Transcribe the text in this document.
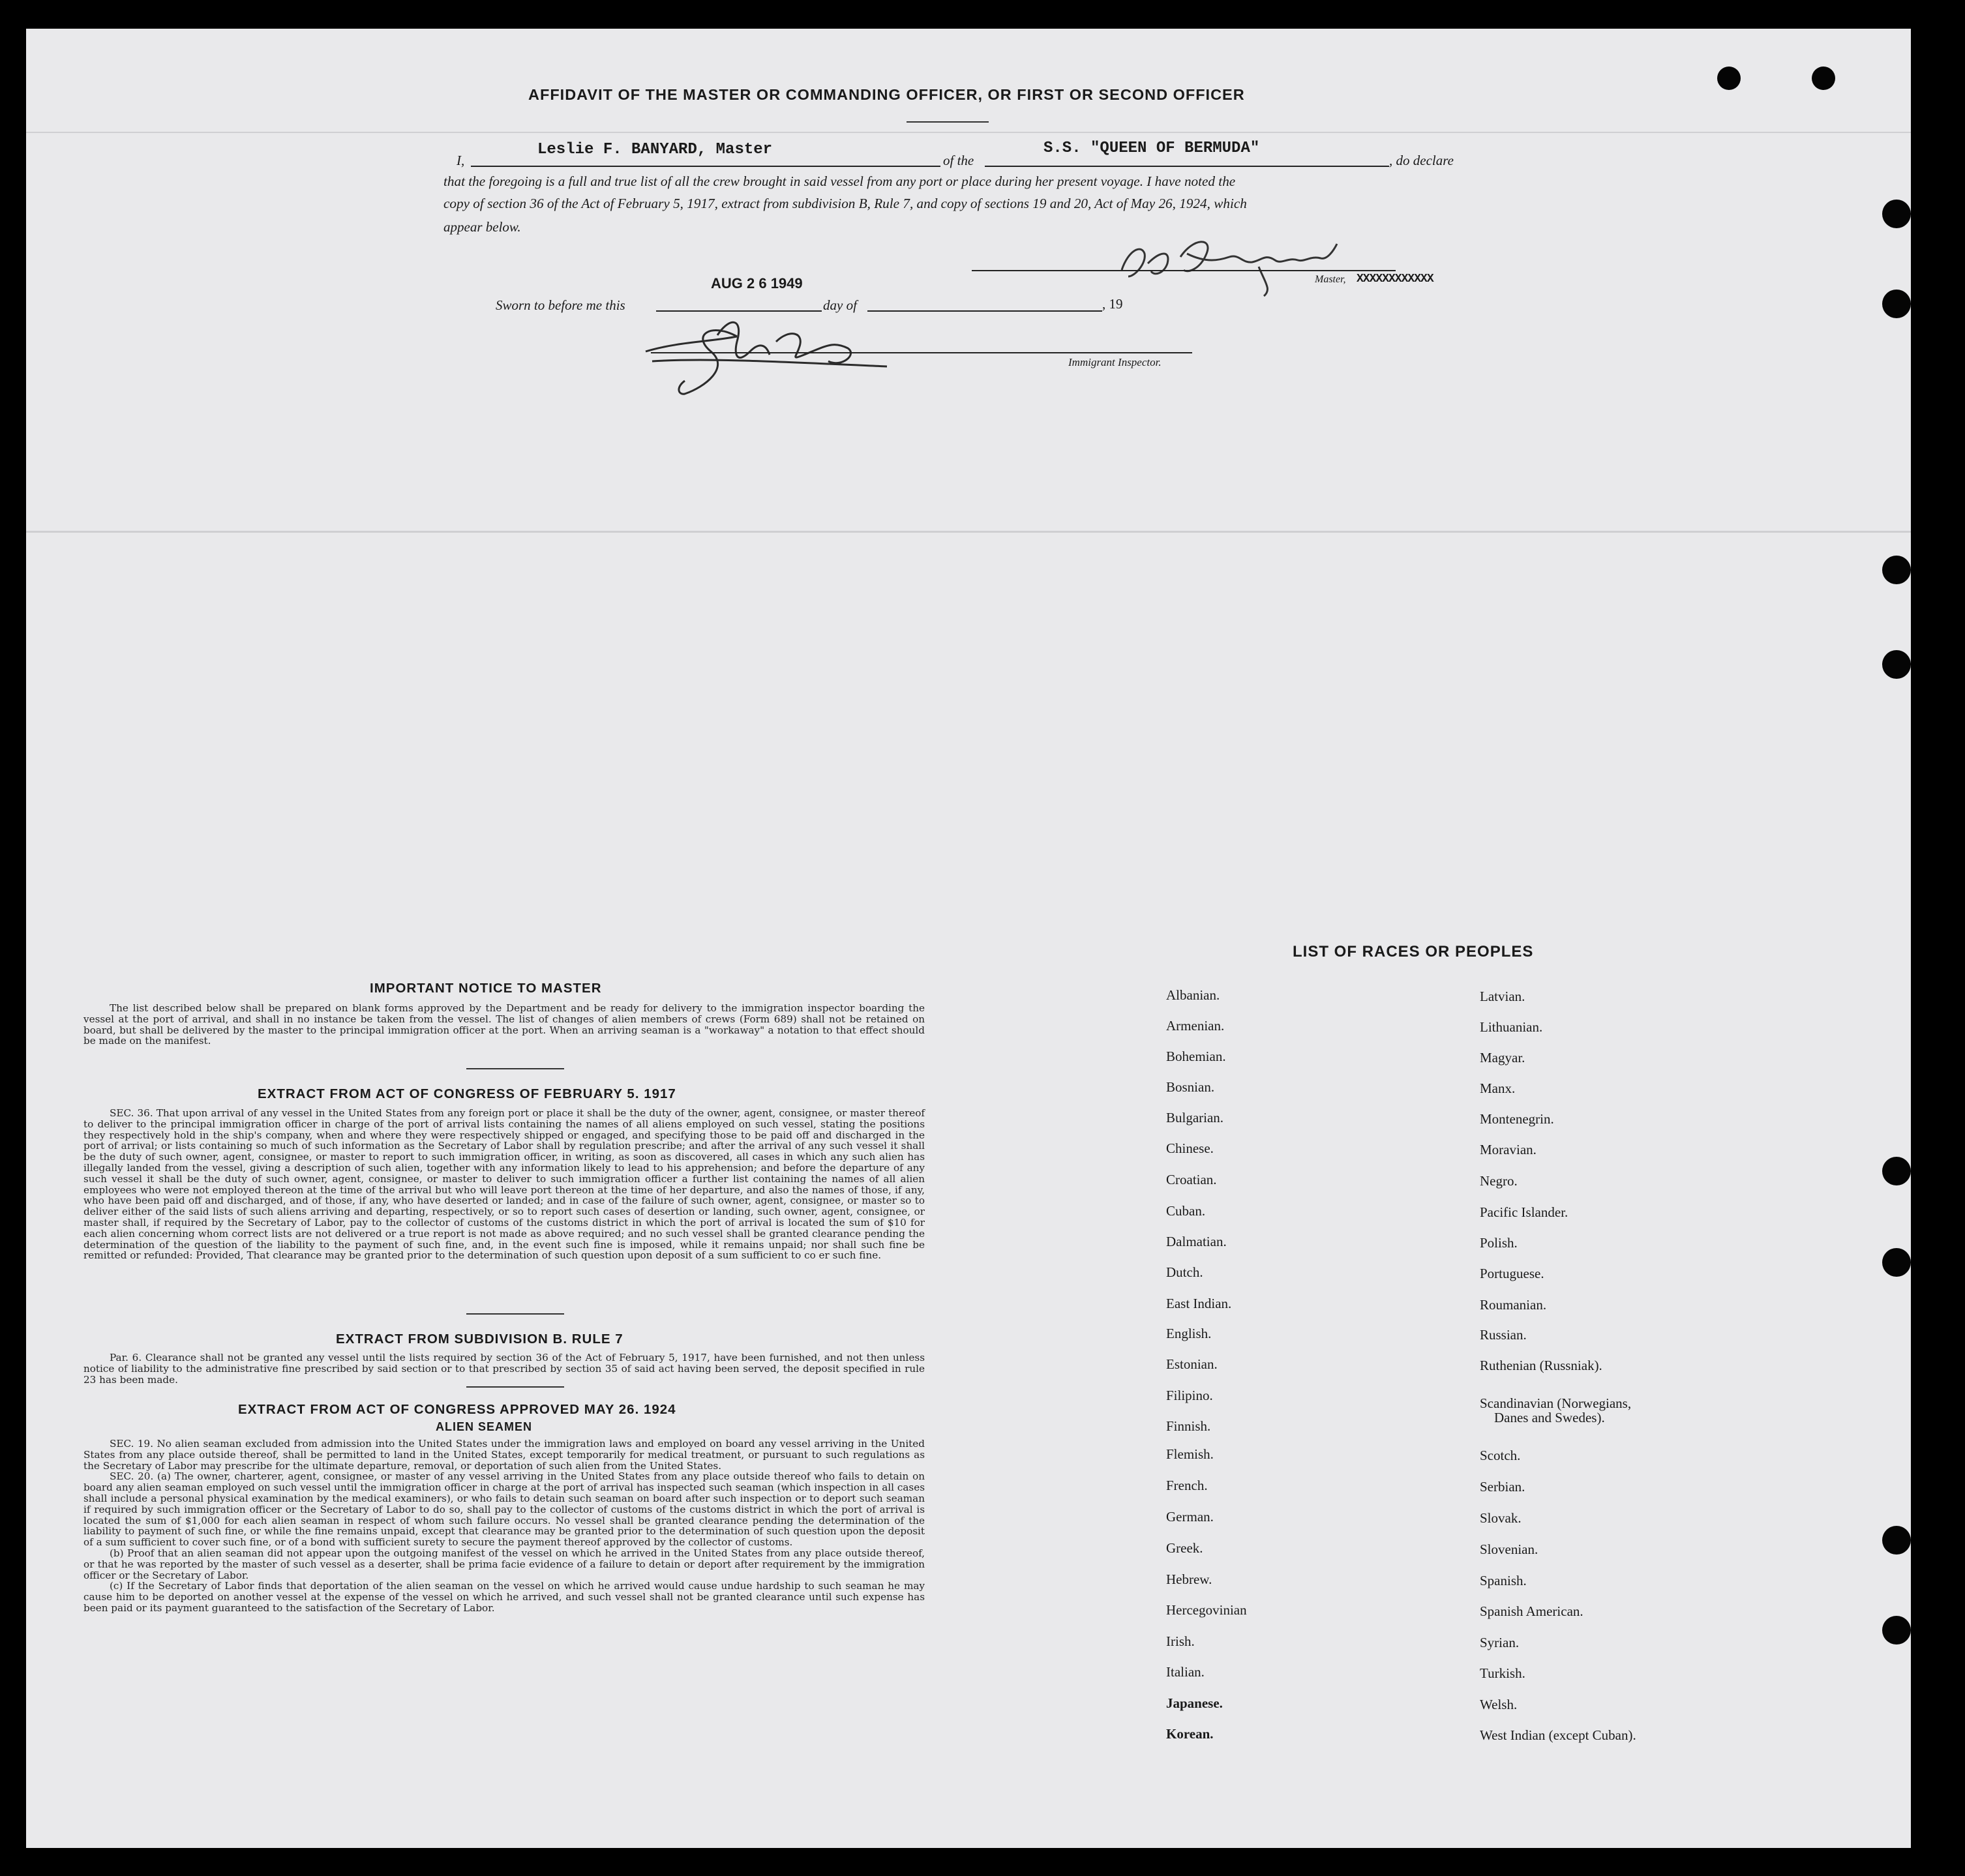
AFFIDAVIT OF THE MASTER OR COMMANDING OFFICER, OR FIRST OR SECOND OFFICER
I,
Leslie F. BANYARD, Master
of the
S.S. "QUEEN OF BERMUDA"
, do declare
that the foregoing is a full and true list of all the crew brought in said vessel from any port or place during her present voyage. I have noted the
copy of section 36 of the Act of February 5, 1917, extract from subdivision B, Rule 7, and copy of sections 19 and 20, Act of May 26, 1924, which
appear below.
Master, XXXXXXXXXXXX
AUG 2 6 1949
Sworn to before me this	day of	, 19
Immigrant Inspector.
IMPORTANT NOTICE TO MASTER

The list described below shall be prepared on blank forms approved by the Department and be ready for delivery to the immigration inspector boarding the vessel at the port of arrival, and shall in no instance be taken from the vessel. The list of changes of alien members of crews (Form 689) shall not be retained on board, but shall be delivered by the master to the principal immigration officer at the port. When an arriving seaman is a "workaway" a notation to that effect should be made on the manifest.

EXTRACT FROM ACT OF CONGRESS OF FEBRUARY 5. 1917

SEC. 36. That upon arrival of any vessel in the United States from any foreign port or place it shall be the duty of the owner, agent, consignee, or master thereof to deliver to the principal immigration officer in charge of the port of arrival lists containing the names of all aliens employed on such vessel, stating the positions they respectively hold in the ship's company, when and where they were respectively shipped or engaged, and specifying those to be paid off and discharged in the port of arrival; or lists containing so much of such information as the Secretary of Labor shall by regulation prescribe; and after the arrival of any such vessel it shall be the duty of such owner, agent, consignee, or master to report to such immigration officer, in writing, as soon as discovered, all cases in which any such alien has illegally landed from the vessel, giving a description of such alien, together with any information likely to lead to his apprehension; and before the departure of any such vessel it shall be the duty of such owner, agent, consignee, or master to deliver to such immigration officer a further list containing the names of all alien employees who were not employed thereon at the time of the arrival but who will leave port thereon at the time of her departure, and also the names of those, if any, who have been paid off and discharged, and of those, if any, who have deserted or landed; and in case of the failure of such owner, agent, consignee, or master so to deliver either of the said lists of such aliens arriving and departing, respectively, or so to report such cases of desertion or landing, such owner, agent, consignee, or master shall, if required by the Secretary of Labor, pay to the collector of customs of the customs district in which the port of arrival is located the sum of $10 for each alien concerning whom correct lists are not delivered or a true report is not made as above required; and no such vessel shall be granted clearance pending the determination of the question of the liability to the payment of such fine, and, in the event such fine is imposed, while it remains unpaid; nor shall such fine be remitted or refunded: Provided, That clearance may be granted prior to the determination of such question upon deposit of a sum sufficient to co er such fine.

EXTRACT FROM SUBDIVISION B. RULE 7

Par. 6. Clearance shall not be granted any vessel until the lists required by section 36 of the Act of February 5, 1917, have been furnished, and not then unless notice of liability to the administrative fine prescribed by said section or to that prescribed by section 35 of said act having been served, the deposit specified in rule 23 has been made.

EXTRACT FROM ACT OF CONGRESS APPROVED MAY 26. 1924
ALIEN SEAMEN

SEC. 19. No alien seaman excluded from admission into the United States under the immigration laws and employed on board any vessel arriving in the United States from any place outside thereof, shall be permitted to land in the United States, except temporarily for medical treatment, or pursuant to such regulations as the Secretary of Labor may prescribe for the ultimate departure, removal, or deportation of such alien from the United States.

SEC. 20. (a) The owner, charterer, agent, consignee, or master of any vessel arriving in the United States from any place outside thereof who fails to detain on board any alien seaman employed on such vessel until the immigration officer in charge at the port of arrival has inspected such seaman (which inspection in all cases shall include a personal physical examination by the medical examiners), or who fails to detain such seaman on board after such inspection or to deport such seaman if required by such immigration officer or the Secretary of Labor to do so, shall pay to the collector of customs of the customs district in which the port of arrival is located the sum of $1,000 for each alien seaman in respect of whom such failure occurs. No vessel shall be granted clearance pending the determination of the liability to payment of such fine, or while the fine remains unpaid, except that clearance may be granted prior to the determination of such question upon the deposit of a sum sufficient to cover such fine, or of a bond with sufficient surety to secure the payment thereof approved by the collector of customs.

(b) Proof that an alien seaman did not appear upon the outgoing manifest of the vessel on which he arrived in the United States from any place outside thereof, or that he was reported by the master of such vessel as a deserter, shall be prima facie evidence of a failure to detain or deport after requirement by the immigration officer or the Secretary of Labor.

(c) If the Secretary of Labor finds that deportation of the alien seaman on the vessel on which he arrived would cause undue hardship to such seaman he may cause him to be deported on another vessel at the expense of the vessel on which he arrived, and such vessel shall not be granted clearance until such expense has been paid or its payment guaranteed to the satisfaction of the Secretary of Labor.

LIST OF RACES OR PEOPLES
Albanian.
Armenian.
Bohemian.
Bosnian.
Bulgarian.
Chinese.
Croatian.
Cuban.
Dalmatian.
Dutch.
East Indian.
English.
Estonian.
Filipino.
Finnish.
Flemish.
French.
German.
Greek.
Hebrew.
Hercegovinian
Irish.
Italian.
Japanese.
Korean.
Latvian.
Lithuanian.
Magyar.
Manx.
Montenegrin.
Moravian.
Negro.
Pacific Islander.
Polish.
Portuguese.
Roumanian.
Russian.
Ruthenian (Russniak).
Scandinavian (Norwegians,
Danes and Swedes).
Scotch.
Serbian.
Slovak.
Slovenian.
Spanish.
Spanish American.
Syrian.
Turkish.
Welsh.
West Indian (except Cuban).
